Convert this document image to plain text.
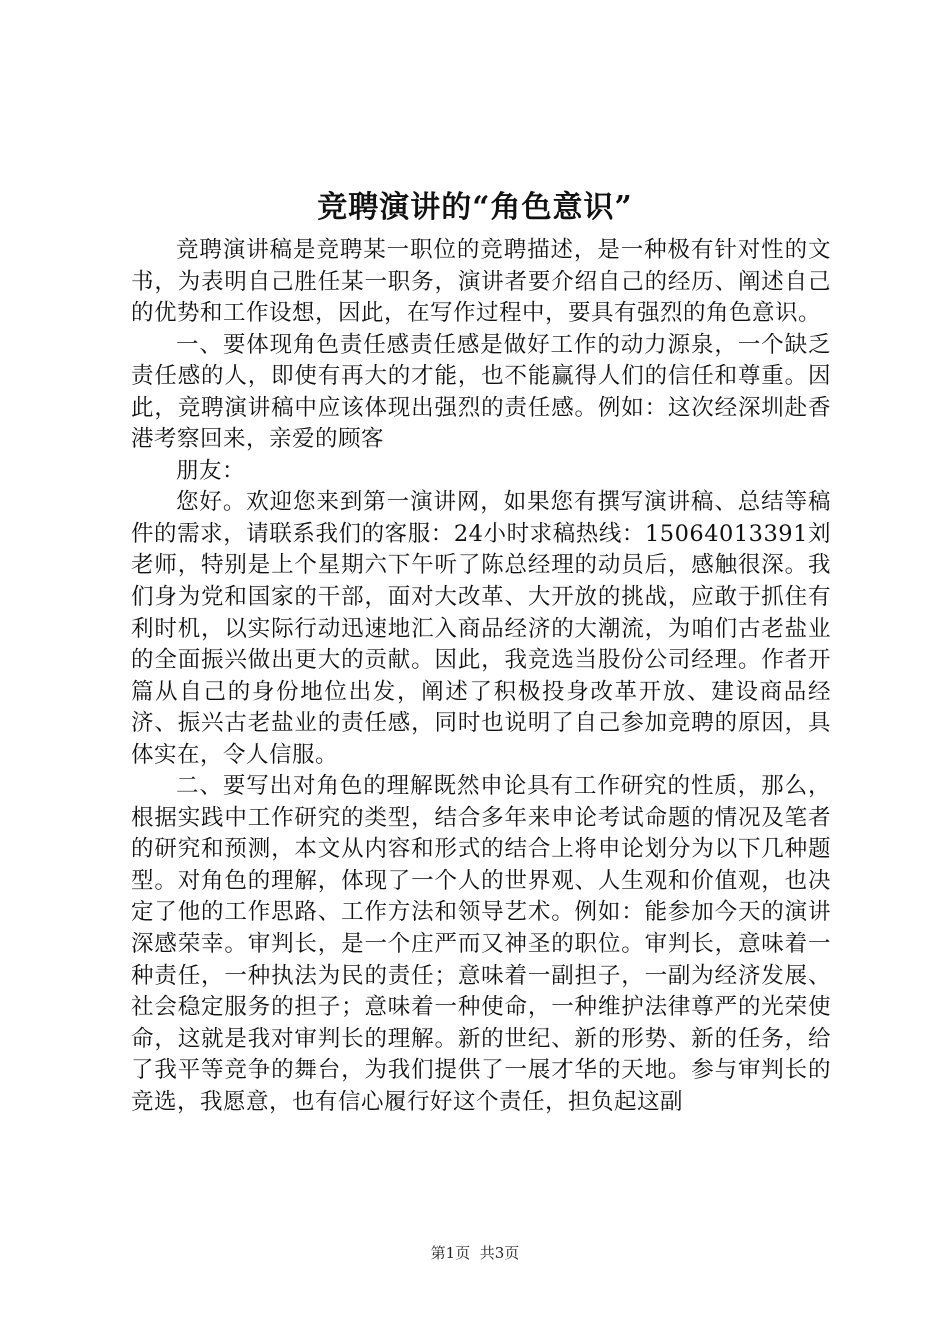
竞聘演讲的“角色意识”

竞聘演讲稿是竞聘某一职位的竞聘描述，是一种极有针对性的文书，为表明自己胜任某一职务，演讲者要介绍自己的经历、阐述自己的优势和工作设想，因此，在写作过程中，要具有强烈的角色意识。

一、要体现角色责任感责任感是做好工作的动力源泉，一个缺乏责任感的人，即使有再大的才能，也不能赢得人们的信任和尊重。因此，竞聘演讲稿中应该体现出强烈的责任感。例如：这次经深圳赴香港考察回来，亲爱的顾客

朋友：

您好。欢迎您来到第一演讲网，如果您有撰写演讲稿、总结等稿件的需求，请联系我们的客服：24小时求稿热线：15064013391刘老师，特别是上个星期六下午听了陈总经理的动员后，感触很深。我们身为党和国家的干部，面对大改革、大开放的挑战，应敢于抓住有利时机，以实际行动迅速地汇入商品经济的大潮流，为咱们古老盐业的全面振兴做出更大的贡献。因此，我竞选当股份公司经理。作者开篇从自己的身份地位出发，阐述了积极投身改革开放、建设商品经济、振兴古老盐业的责任感，同时也说明了自己参加竞聘的原因，具体实在，令人信服。

二、要写出对角色的理解既然申论具有工作研究的性质，那么，根据实践中工作研究的类型，结合多年来申论考试命题的情况及笔者的研究和预测，本文从内容和形式的结合上将申论划分为以下几种题型。对角色的理解，体现了一个人的世界观、人生观和价值观，也决定了他的工作思路、工作方法和领导艺术。例如：能参加今天的演讲深感荣幸。审判长，是一个庄严而又神圣的职位。审判长，意味着一种责任，一种执法为民的责任；意味着一副担子，一副为经济发展、社会稳定服务的担子；意味着一种使命，一种维护法律尊严的光荣使命，这就是我对审判长的理解。新的世纪、新的形势、新的任务，给了我平等竞争的舞台，为我们提供了一展才华的天地。参与审判长的竞选，我愿意，也有信心履行好这个责任，担负起这副

第1页 共3页
